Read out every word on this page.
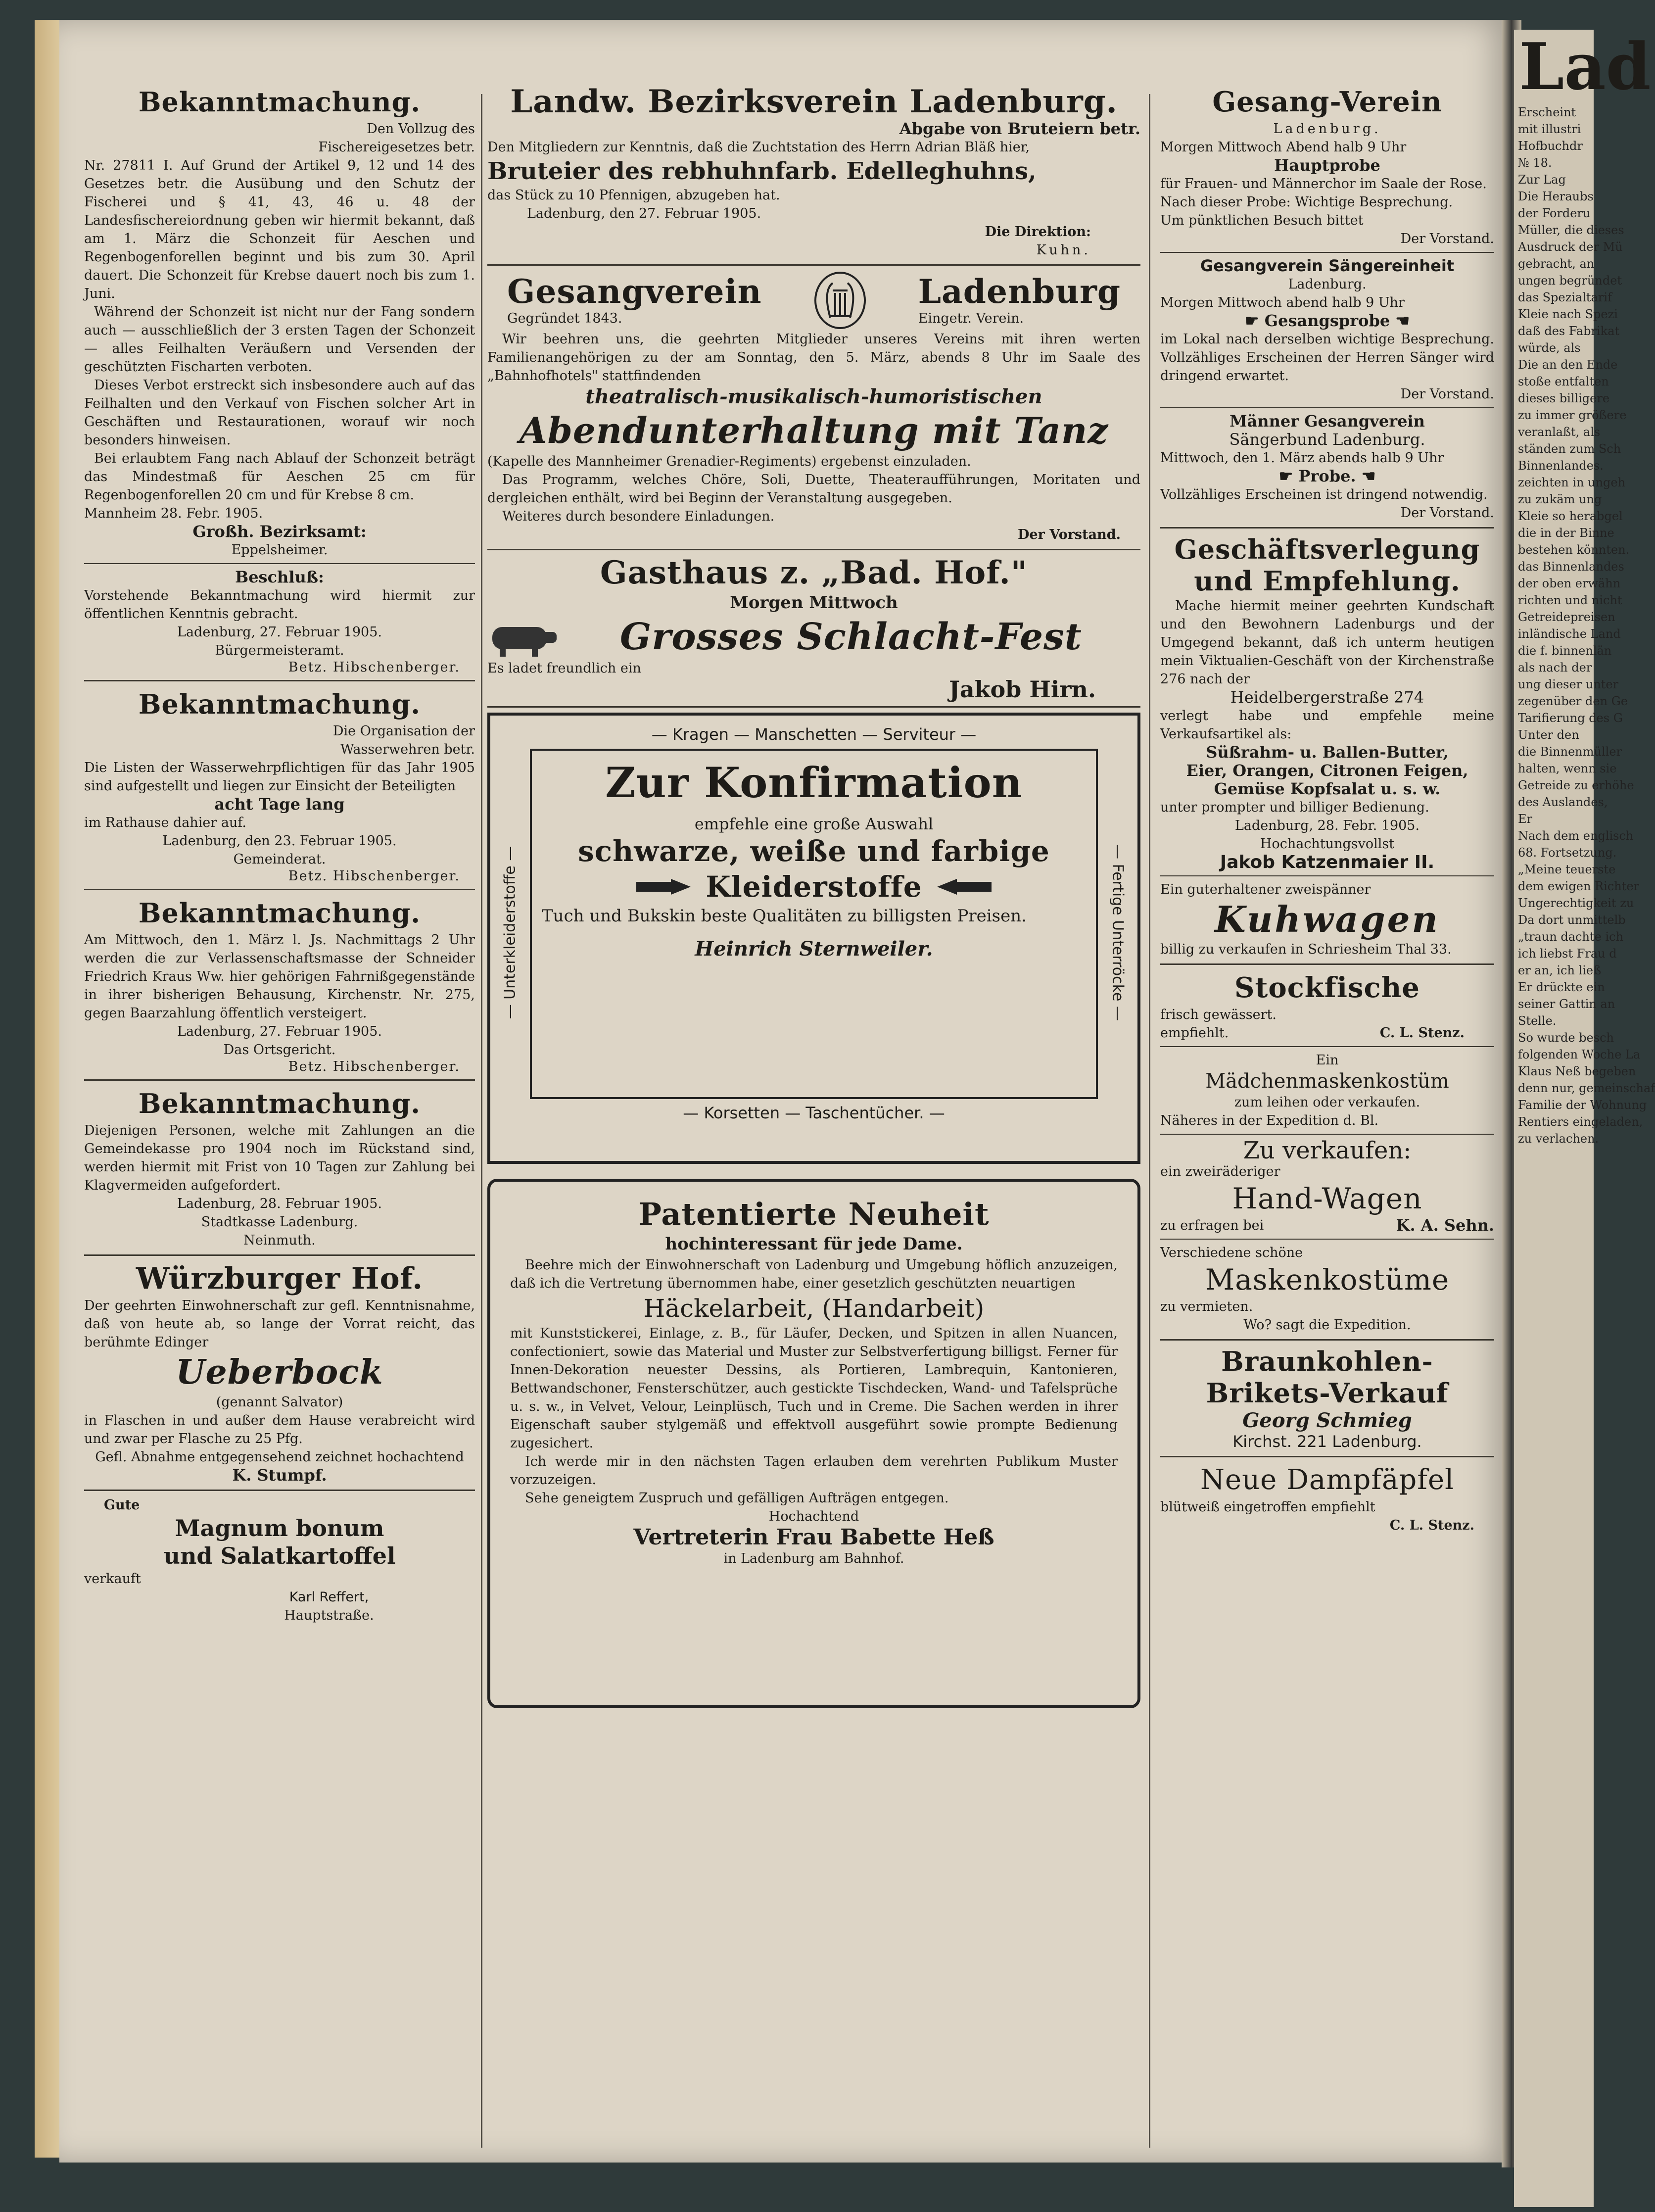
Bekanntmachung.

Den Vollzug des Fischereigesetzes betr.

Nr. 27811 I. Auf Grund der Artikel 9, 12 und 14 des Gesetzes betr. die Ausübung und den Schutz der Fischerei und § 41, 43, 46 u. 48 der Landesfischereiordnung geben wir hiermit bekannt, daß am 1. März die Schonzeit für Aeschen und Regenbogenforellen beginnt und bis zum 30. April dauert. Die Schonzeit für Krebse dauert noch bis zum 1. Juni.

Während der Schonzeit ist nicht nur der Fang sondern auch — ausschließlich der 3 ersten Tagen der Schonzeit — alles Feilhalten Veräußern und Versenden der geschützten Fischarten verboten.

Dieses Verbot erstreckt sich insbesondere auch auf das Feilhalten und den Verkauf von Fischen solcher Art in Geschäften und Restaurationen, worauf wir noch besonders hinweisen.

Bei erlaubtem Fang nach Ablauf der Schonzeit beträgt das Mindestmaß für Aeschen 25 cm für Regenbogenforellen 20 cm und für Krebse 8 cm.

Mannheim 28. Febr. 1905.

Großh. Bezirksamt:

Eppelsheimer.

Beschluß:

Vorstehende Bekanntmachung wird hiermit zur öffentlichen Kenntnis gebracht.

Ladenburg, 27. Februar 1905.

Bürgermeisteramt.

Betz. Hibschenberger.

Bekanntmachung.

Die Organisation der Wasserwehren betr.

Die Listen der Wasserwehrpflichtigen für das Jahr 1905 sind aufgestellt und liegen zur Einsicht der Beteiligten

acht Tage lang

im Rathause dahier auf.

Ladenburg, den 23. Februar 1905.

Gemeinderat.

Betz. Hibschenberger.

Bekanntmachung.

Am Mittwoch, den 1. März l. Js. Nachmittags 2 Uhr werden die zur Verlassenschaftsmasse der Schneider Friedrich Kraus Ww. hier gehörigen Fahrnißgegenstände in ihrer bisherigen Behausung, Kirchenstr. Nr. 275, gegen Baarzahlung öffentlich versteigert.

Ladenburg, 27. Februar 1905.

Das Ortsgericht.

Betz. Hibschenberger.

Bekanntmachung.

Diejenigen Personen, welche mit Zahlungen an die Gemeindekasse pro 1904 noch im Rückstand sind, werden hiermit mit Frist von 10 Tagen zur Zahlung bei Klagvermeiden aufgefordert.

Ladenburg, 28. Februar 1905.

Stadtkasse Ladenburg.

Neinmuth.

Würzburger Hof.

Der geehrten Einwohnerschaft zur gefl. Kenntnisnahme, daß von heute ab, so lange der Vorrat reicht, das berühmte Edinger

Ueberbock

(genannt Salvator)

in Flaschen in und außer dem Hause verabreicht wird und zwar per Flasche zu 25 Pfg.

Gefl. Abnahme entgegensehend zeichnet hochachtend

K. Stumpf.

Gute

Magnum bonum

und Salatkartoffel

verkauft

Karl Reffert,

Hauptstraße.

Landw. Bezirksverein Ladenburg.

Abgabe von Bruteiern betr.

Den Mitgliedern zur Kenntnis, daß die Zuchtstation des Herrn Adrian Bläß hier,

Bruteier des rebhuhnfarb. Edelleghuhns,

das Stück zu 10 Pfennigen, abzugeben hat.

Ladenburg, den 27. Februar 1905.

Die Direktion:

Kuhn.

Gesangverein

Gegründet 1843.

Ladenburg

Eingetr. Verein.

Wir beehren uns, die geehrten Mitglieder unseres Vereins mit ihren werten Familienangehörigen zu der am Sonntag, den 5. März, abends 8 Uhr im Saale des „Bahnhofhotels" stattfindenden

theatralisch-musikalisch-humoristischen

Abendunterhaltung mit Tanz

(Kapelle des Mannheimer Grenadier-Regiments) ergebenst einzuladen.

Das Programm, welches Chöre, Soli, Duette, Theateraufführungen, Moritaten und dergleichen enthält, wird bei Beginn der Veranstaltung ausgegeben.

Weiteres durch besondere Einladungen.

Der Vorstand.

Gasthaus z. „Bad. Hof."

Morgen Mittwoch

Grosses Schlacht-Fest

Es ladet freundlich ein

Jakob Hirn.

— Kragen — Manschetten — Serviteur —

— Unterkleiderstoffe —	— Fertige Unterröcke —

Zur Konfirmation

empfehle eine große Auswahl

schwarze, weiße und farbige

Kleiderstoffe

Tuch und Bukskin beste Qualitäten zu billigsten Preisen.

Heinrich Sternweiler.

— Korsetten — Taschentücher. —

Patentierte Neuheit

hochinteressant für jede Dame.

Beehre mich der Einwohnerschaft von Ladenburg und Umgebung höflich anzuzeigen, daß ich die Vertretung übernommen habe, einer gesetzlich geschützten neuartigen

Häckelarbeit, (Handarbeit)

mit Kunststickerei, Einlage, z. B., für Läufer, Decken, und Spitzen in allen Nuancen, confectioniert, sowie das Material und Muster zur Selbstverfertigung billigst. Ferner für Innen-Dekoration neuester Dessins, als Portieren, Lambrequin, Kantonieren, Bettwandschoner, Fensterschützer, auch gestickte Tischdecken, Wand- und Tafelsprüche u. s. w., in Velvet, Velour, Leinplüsch, Tuch und in Creme. Die Sachen werden in ihrer Eigenschaft sauber stylgemäß und effektvoll ausgeführt sowie prompte Bedienung zugesichert.

Ich werde mir in den nächsten Tagen erlauben dem verehrten Publikum Muster vorzuzeigen.

Sehe geneigtem Zuspruch und gefälligen Aufträgen entgegen.

Hochachtend

Vertreterin Frau Babette Heß

in Ladenburg am Bahnhof.

Gesang-Verein

Ladenburg.

Morgen Mittwoch Abend halb 9 Uhr

Hauptprobe

für Frauen- und Männerchor im Saale der Rose.

Nach dieser Probe: Wichtige Besprechung.

Um pünktlichen Besuch bittet

Der Vorstand.

Gesangverein Sängereinheit

Ladenburg.

Morgen Mittwoch abend halb 9 Uhr

☛ Gesangsprobe ☚

im Lokal nach derselben wichtige Besprechung. Vollzähliges Erscheinen der Herren Sänger wird dringend erwartet.

Der Vorstand.

Männer Gesangverein

Sängerbund Ladenburg.

Mittwoch, den 1. März abends halb 9 Uhr

☛ Probe. ☚

Vollzähliges Erscheinen ist dringend notwendig.

Der Vorstand.

Geschäftsverlegung

und Empfehlung.

Mache hiermit meiner geehrten Kundschaft und den Bewohnern Ladenburgs und der Umgegend bekannt, daß ich unterm heutigen mein Viktualien-Geschäft von der Kirchenstraße 276 nach der

Heidelbergerstraße 274

verlegt habe und empfehle meine Verkaufsartikel als:

Süßrahm- u. Ballen-Butter,

Eier, Orangen, Citronen Feigen, Gemüse Kopfsalat u. s. w.

unter prompter und billiger Bedienung.

Ladenburg, 28. Febr. 1905.

Hochachtungsvollst

Jakob Katzenmaier II.

Ein guterhaltener zweispänner

Kuhwagen

billig zu verkaufen in Schriesheim Thal 33.

Stockfische

frisch gewässert.

empfiehlt.	C. L. Stenz.

Ein

Mädchenmaskenkostüm

zum leihen oder verkaufen.

Näheres in der Expedition d. Bl.

Zu verkaufen:

ein zweiräderiger

Hand-Wagen

zu erfragen bei	K. A. Sehn.

Verschiedene schöne

Maskenkostüme

zu vermieten.

Wo? sagt die Expedition.

Braunkohlen-

Brikets-Verkauf

Georg Schmieg

Kirchst. 221 Ladenburg.

Neue Dampfäpfel

blütweiß eingetroffen empfiehlt

C. L. Stenz.

Lad

Erscheint

mit illustri

Hofbuchdr

№ 18.

Zur Lag

Die Heraubs

der Forderu

Müller, die dieses

Ausdruck der Mü

gebracht, an

ungen begründet

das Spezialtarif

Kleie nach Spezi

daß des Fabrikat

würde, als

Die an den Ende

stoße entfalten

dieses billigere

zu immer größere

veranlaßt, als

ständen zum Sch

Binnenlandes.

zeichten in ungeh

zu zukäm ung

Kleie so herabgel

die in der Binne

bestehen könnten.

das Binnenlandes

der oben erwähn

richten und nicht

Getreidepreisen

inländische Land

die f. binnenlän

als nach der

ung dieser unter

zegenüber den Ge

Tarifierung des G

Unter den

die Binnenmüller

halten, wenn sie

Getreide zu erhöhe

des Auslandes,

Er

Nach dem englisch

68. Fortsetzung.

„Meine teuerste

dem ewigen Richter

Ungerechtigkeit zu

Da dort unmittelb

„traun dachte ich

ich liebst Frau d

er an, ich ließ

Er drückte ein

seiner Gattin an

Stelle.

So wurde besch

folgenden Woche La

Klaus Neß begeben

denn nur, gemeinschaf

Familie der Wohnung

Rentiers eingeladen,

zu verlachen.
